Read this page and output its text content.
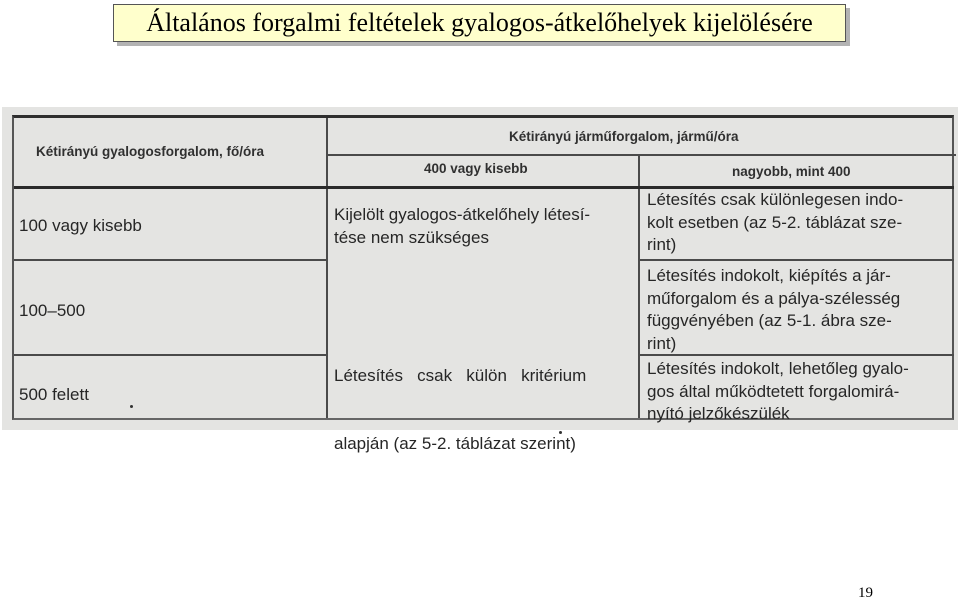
Általános forgalmi feltételek gyalogos-átkelőhelyek kijelölésére
Kétirányú gyalogosforgalom, fő/óra
Kétirányú járműforgalom, jármű/óra
400 vagy kisebb	nagyobb, mint 400
100 vagy kisebb
100–500
500 felett
Kijelölt gyalogos-átkelőhely létesí-
tése nem szükséges

Létesítés   csak   külön   kritérium

alapján (az 5-2. táblázat szerint)

Létesítés csak különlegesen indo-
kolt esetben (az 5-2. táblázat sze-
rint)
Létesítés indokolt, kiépítés a jár-
műforgalom és a pálya-szélesség
függvényében (az 5-1. ábra sze-
rint)
Létesítés indokolt, lehetőleg gyalo-
gos által működtetett forgalomirá-
nyító jelzőkészülék
19
